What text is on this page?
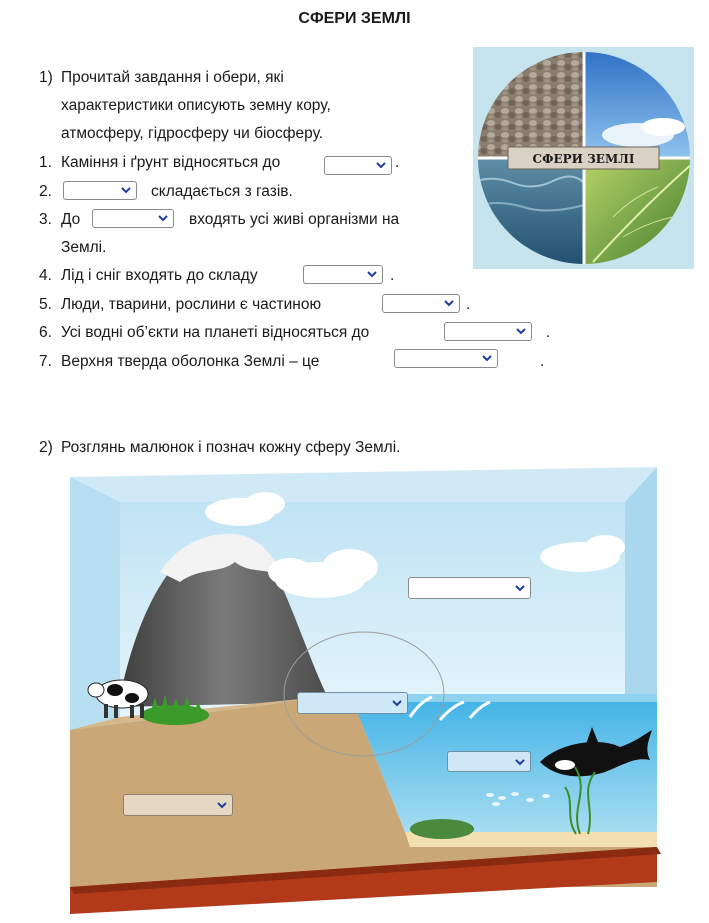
СФЕРИ ЗЕМЛІ
1) Прочитай завдання і обери, які
характеристики описують земну кору,
атмосферу, гідросферу чи біосферу.
1. Каміння і ґрунт відносяться до	.
2.	складається з газів.
3. До	входять усі живі організми на
Землі.
4. Лід і сніг входять до складу	.
5. Люди, тварини, рослини є частиною	.
6. Усі водні об’єкти на планеті відносяться до	.
7. Верхня тверда оболонка Землі – це	.
СФЕРИ ЗЕМЛІ
2) Розглянь малюнок і познач кожну сферу Землі.
